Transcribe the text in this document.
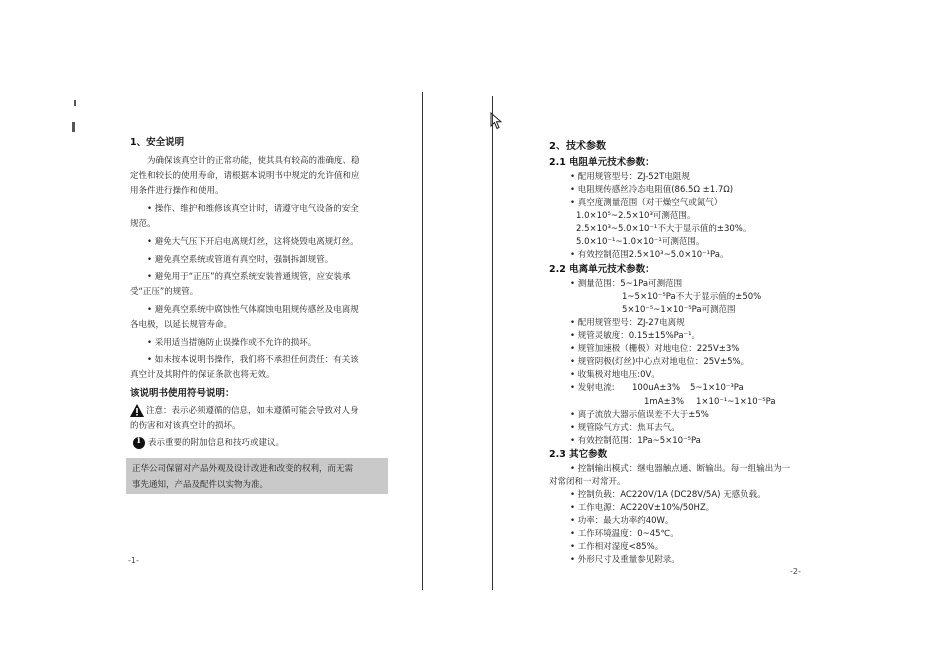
1、安全说明
为确保该真空计的正常功能，使其具有较高的准确度、稳
定性和较长的使用寿命，请根据本说明书中规定的允许值和应
用条件进行操作和使用。
• 操作、维护和维修该真空计时，请遵守电气设备的安全
规范。
• 避免大气压下开启电离规灯丝，这将烧毁电离规灯丝。
• 避免真空系统或管道有真空时，强制拆卸规管。
• 避免用于“正压”的真空系统安装普通规管，应安装承
受“正压”的规管。
• 避免真空系统中腐蚀性气体腐蚀电阻规传感丝及电离规
各电极，以延长规管寿命。
• 采用适当措施防止误操作或不允许的损坏。
• 如未按本说明书操作，我们将不承担任何责任：有关该
真空计及其附件的保证条款也将无效。
该说明书使用符号说明：
注意：表示必须遵循的信息，如未遵循可能会导致对人身
的伤害和对该真空计的损坏。
i 表示重要的附加信息和技巧或建议。
正华公司保留对产品外观及设计改进和改变的权利，而无需
事先通知，产品及配件以实物为准。
-1-
2、技术参数
2.1 电阻单元技术参数：
• 配用规管型号：ZJ-52T电阻规
• 电阻规传感丝冷态电阻值(86.5Ω ±1.7Ω)
• 真空度测量范围（对干燥空气或氮气）
1.0×10⁵~2.5×10³可测范围。
2.5×10³~5.0×10⁻¹不大于显示值的±30%。
5.0×10⁻¹~1.0×10⁻¹可测范围。
• 有效控制范围2.5×10³~5.0×10⁻¹Pa。
2.2 电离单元技术参数：
• 测量范围：5~1Pa可测范围
1~5×10⁻⁵Pa不大于显示值的±50%
5×10⁻⁵~1×10⁻⁵Pa可测范围
• 配用规管型号：ZJ-27电离规
• 规管灵敏度：0.15±15%Pa⁻¹。
• 规管加速极（栅极）对地电位：225V±3%
• 规管阴极(灯丝)中心点对地电位：25V±5%。
• 收集极对地电压:0V。
• 发射电流: 100uA±3% 5~1×10⁻³Pa
1mA±3% 1×10⁻¹~1×10⁻⁵Pa
• 离子流放大器示值误差不大于±5%
• 规管除气方式：焦耳去气。
• 有效控制范围：1Pa~5×10⁻⁵Pa
2.3 其它参数
• 控制输出模式：继电器触点通、断输出。每一组输出为一
对常闭和一对常开。
• 控制负载：AC220V/1A (DC28V/5A) 无感负载。
• 工作电源：AC220V±10%/50HZ。
• 功率：最大功率约40W。
• 工作环境温度：0~45℃。
• 工作相对湿度<85%。
• 外形尺寸及重量参见附录。
-2-
